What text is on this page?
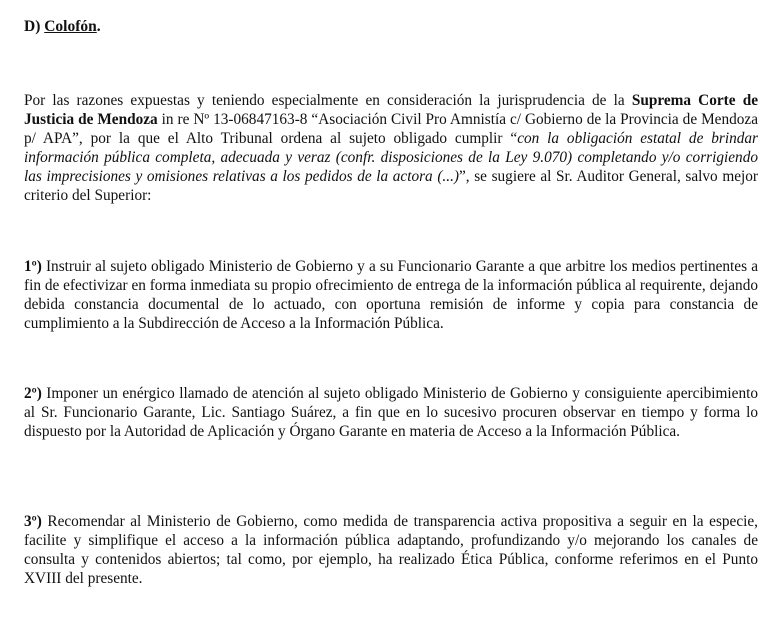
D) Colofón.

Por las razones expuestas y teniendo especialmente en consideración la jurisprudencia de la Suprema Corte de Justicia de Mendoza in re Nº 13-06847163-8 “Asociación Civil Pro Amnistía c/ Gobierno de la Provincia de Mendoza p/ APA”, por la que el Alto Tribunal ordena al sujeto obligado cumplir “con la obligación estatal de brindar información pública completa, adecuada y veraz (confr. disposiciones de la Ley 9.070) completando y/o corrigiendo las imprecisiones y omisiones relativas a los pedidos de la actora (...)”, se sugiere al Sr. Auditor General, salvo mejor criterio del Superior:

1º) Instruir al sujeto obligado Ministerio de Gobierno y a su Funcionario Garante a que arbitre los medios pertinentes a fin de efectivizar en forma inmediata su propio ofrecimiento de entrega de la información pública al requirente, dejando debida constancia documental de lo actuado, con oportuna remisión de informe y copia para constancia de cumplimiento a la Subdirección de Acceso a la Información Pública.

2º) Imponer un enérgico llamado de atención al sujeto obligado Ministerio de Gobierno y consiguiente apercibimiento al Sr. Funcionario Garante, Lic. Santiago Suárez, a fin que en lo sucesivo procuren observar en tiempo y forma lo dispuesto por la Autoridad de Aplicación y Órgano Garante en materia de Acceso a la Información Pública.

3º) Recomendar al Ministerio de Gobierno, como medida de transparencia activa propositiva a seguir en la especie, facilite y simplifique el acceso a la información pública adaptando, profundizando y/o mejorando los canales de consulta y contenidos abiertos; tal como, por ejemplo, ha realizado Ética Pública, conforme referimos en el Punto XVIII del presente.
